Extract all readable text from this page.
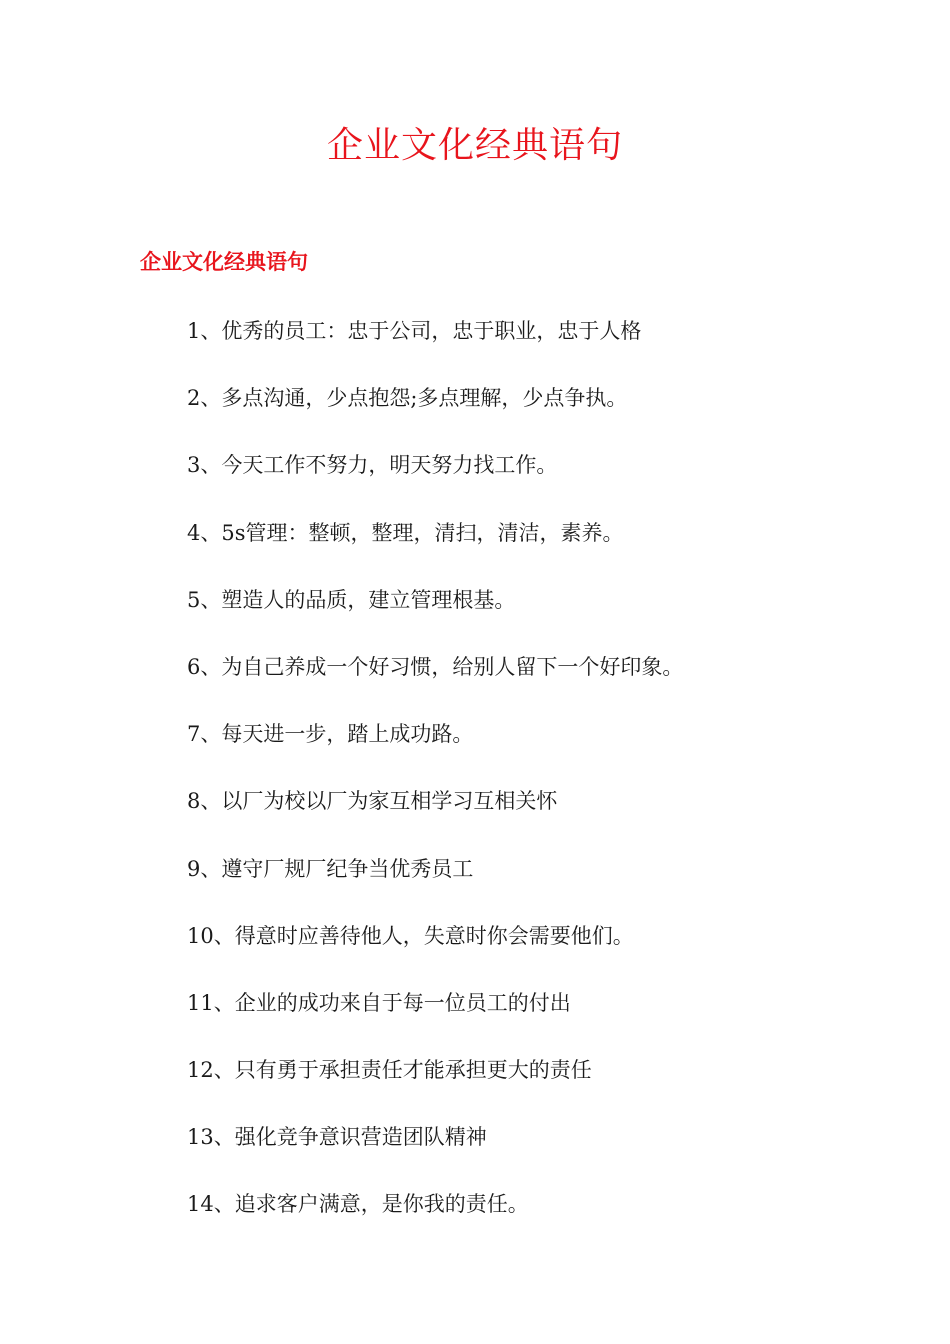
企业文化经典语句
企业文化经典语句
1、优秀的员工：忠于公司，忠于职业，忠于人格
2、多点沟通，少点抱怨;多点理解，少点争执。
3、今天工作不努力，明天努力找工作。
4、5s管理：整顿，整理，清扫，清洁，素养。
5、塑造人的品质，建立管理根基。
6、为自己养成一个好习惯，给别人留下一个好印象。
7、每天进一步，踏上成功路。
8、以厂为校以厂为家互相学习互相关怀
9、遵守厂规厂纪争当优秀员工
10、得意时应善待他人，失意时你会需要他们。
11、企业的成功来自于每一位员工的付出
12、只有勇于承担责任才能承担更大的责任
13、强化竞争意识营造团队精神
14、追求客户满意，是你我的责任。
